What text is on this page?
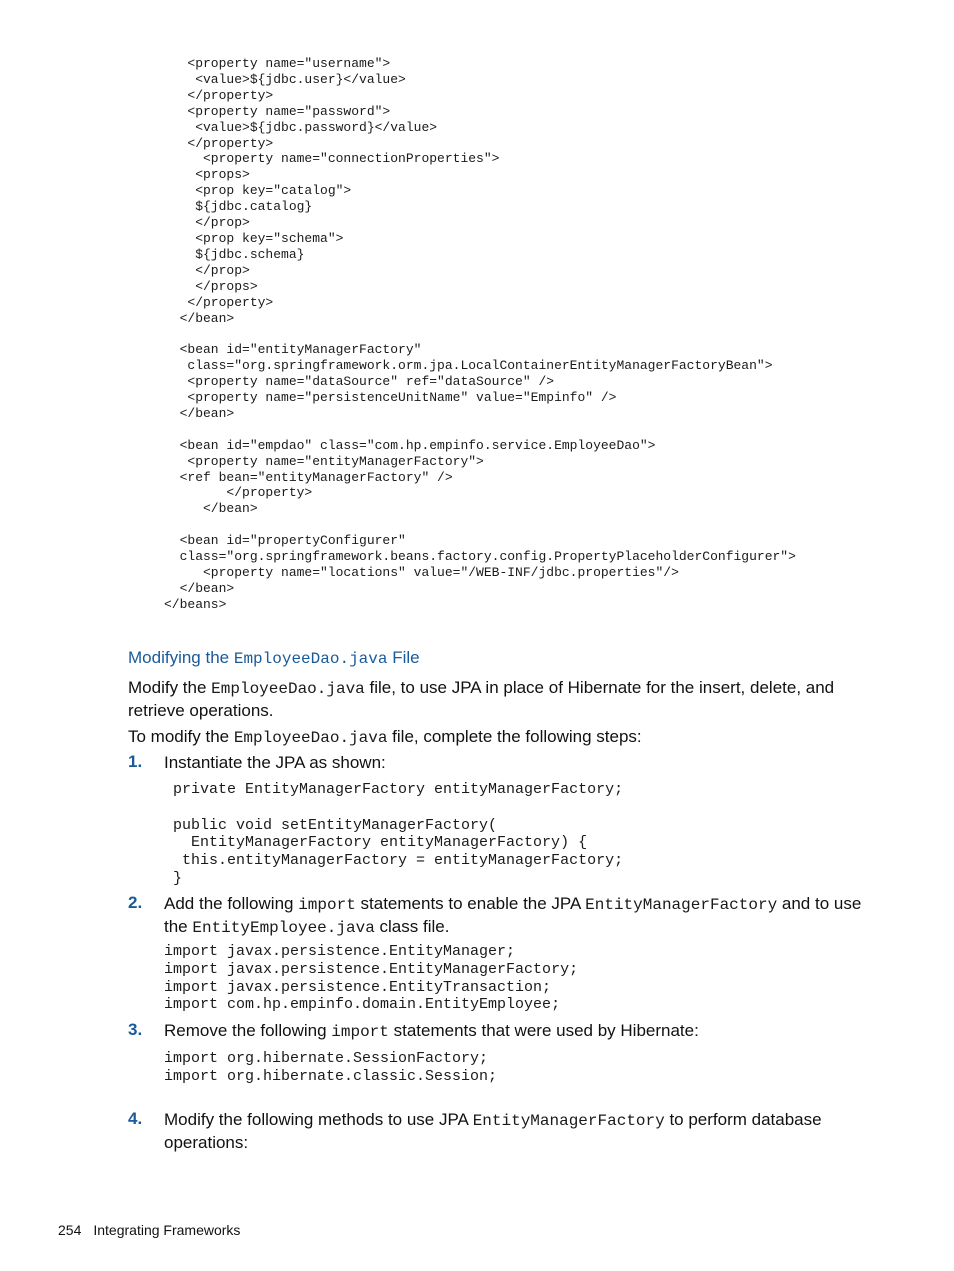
<property name="username">
<value>${jdbc.user}</value>
</property>
<property name="password">
<value>${jdbc.password}</value>
</property>
<property name="connectionProperties">
<props>
<prop key="catalog">
${jdbc.catalog}
</prop>
<prop key="schema">
${jdbc.schema}
</prop>
</props>
</property>
</bean>

<bean id="entityManagerFactory"
class="org.springframework.orm.jpa.LocalContainerEntityManagerFactoryBean">
<property name="dataSource" ref="dataSource" />
<property name="persistenceUnitName" value="Empinfo" />
</bean>

<bean id="empdao" class="com.hp.empinfo.service.EmployeeDao">
<property name="entityManagerFactory">
<ref bean="entityManagerFactory" />
</property>
</bean>

<bean id="propertyConfigurer"
class="org.springframework.beans.factory.config.PropertyPlaceholderConfigurer">
<property name="locations" value="/WEB-INF/jdbc.properties"/>
</bean>
</beans>
Modifying the EmployeeDao.java File
Modify the EmployeeDao.java file, to use JPA in place of Hibernate for the insert, delete, and retrieve operations.
To modify the EmployeeDao.java file, complete the following steps:
1. Instantiate the JPA as shown:
private EntityManagerFactory entityManagerFactory;

public void setEntityManagerFactory(
EntityManagerFactory entityManagerFactory) {
this.entityManagerFactory = entityManagerFactory;
}
2. Add the following import statements to enable the JPA EntityManagerFactory and to use the EntityEmployee.java class file.
import javax.persistence.EntityManager;
import javax.persistence.EntityManagerFactory;
import javax.persistence.EntityTransaction;
import com.hp.empinfo.domain.EntityEmployee;
3. Remove the following import statements that were used by Hibernate:
import org.hibernate.SessionFactory;
import org.hibernate.classic.Session;
4. Modify the following methods to use JPA EntityManagerFactory to perform database operations:
254 Integrating Frameworks
